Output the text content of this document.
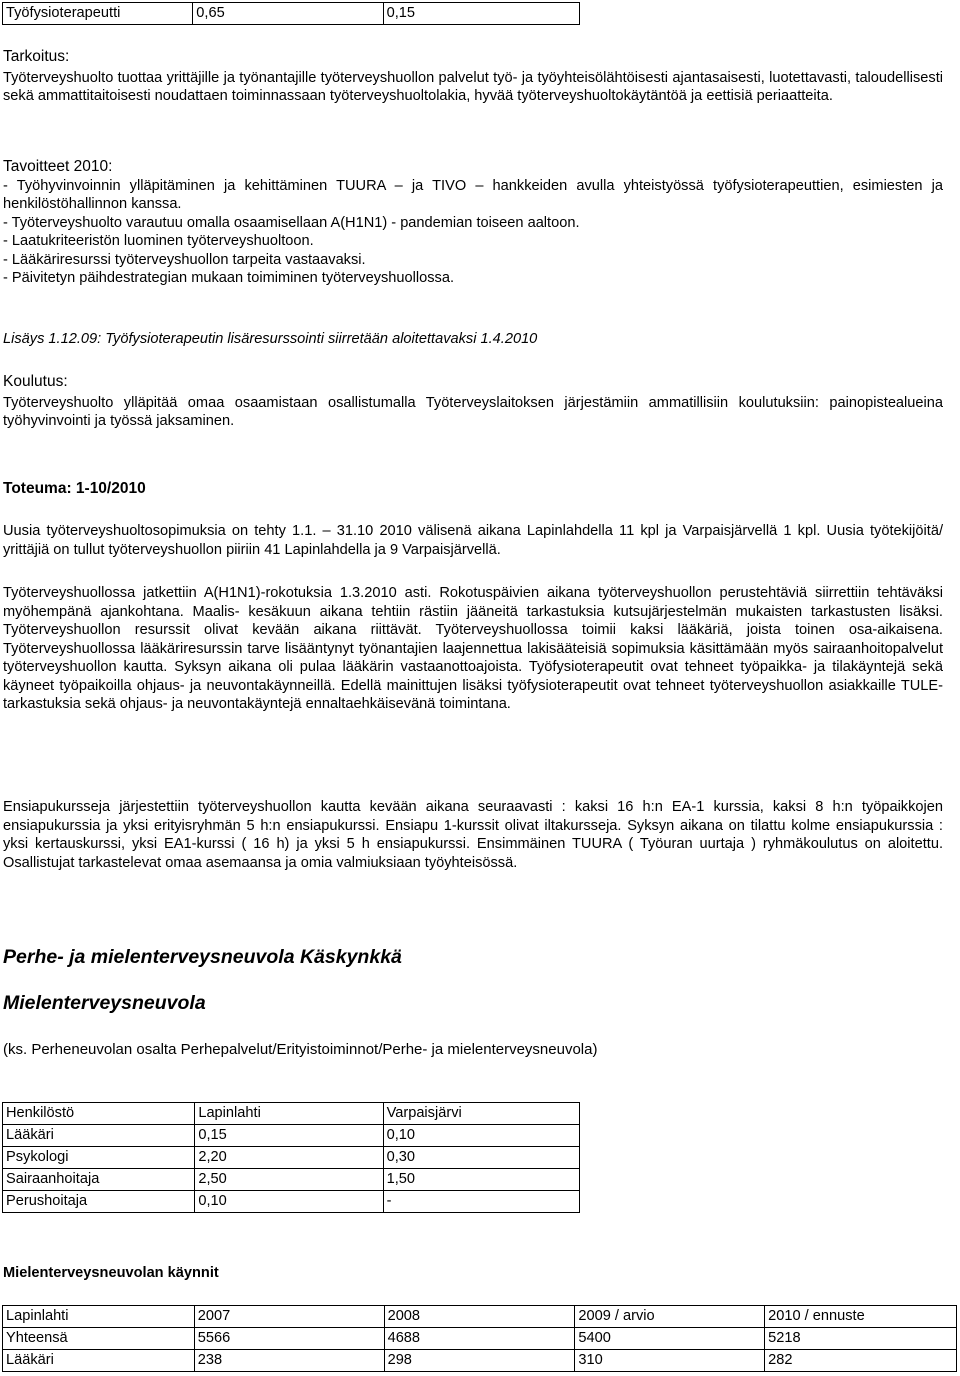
Työfysioterapeutti	0,65	0,15

Tarkoitus:

Työterveyshuolto tuottaa yrittäjille ja työnantajille työterveyshuollon palvelut työ- ja työyhteisölähtöisesti ajantasaisesti, luotettavasti, taloudellisesti sekä ammattitaitoisesti noudattaen toiminnassaan työterveyshuoltolakia, hyvää työterveyshuoltokäytäntöä ja eettisiä periaatteita.

Tavoitteet 2010:

- Työhyvinvoinnin ylläpitäminen ja kehittäminen TUURA – ja TIVO – hankkeiden avulla yhteistyössä työfysioterapeuttien, esimiesten ja henkilöstöhallinnon kanssa.

- Työterveyshuolto varautuu omalla osaamisellaan A(H1N1) - pandemian toiseen aaltoon.

- Laatukriteeristön luominen työterveyshuoltoon.

- Lääkäriresurssi työterveyshuollon tarpeita vastaavaksi.

- Päivitetyn päihdestrategian mukaan toimiminen työterveyshuollossa.

Lisäys 1.12.09: Työfysioterapeutin lisäresurssointi siirretään aloitettavaksi 1.4.2010

Koulutus:

Työterveyshuolto ylläpitää omaa osaamistaan osallistumalla Työterveyslaitoksen järjestämiin ammatillisiin koulutuksiin: painopistealueina työhyvinvointi ja työssä jaksaminen.

Toteuma: 1-10/2010
Uusia työterveyshuoltosopimuksia on tehty 1.1. – 31.10 2010 välisenä aikana Lapinlahdella 11 kpl ja Varpaisjärvellä 1 kpl. Uusia työtekijöitä/ yrittäjiä on tullut työterveyshuollon piiriin 41 Lapinlahdella ja 9 Varpaisjärvellä.
Työterveyshuollossa jatkettiin A(H1N1)-rokotuksia 1.3.2010 asti. Rokotuspäivien aikana työterveyshuollon perustehtäviä siirrettiin tehtäväksi myöhempänä ajankohtana. Maalis- kesäkuun aikana tehtiin rästiin jääneitä tarkastuksia kutsujärjestelmän mukaisten tarkastusten lisäksi. Työterveyshuollon resurssit olivat kevään aikana riittävät. Työterveyshuollossa toimii kaksi lääkäriä, joista toinen osa-aikaisena. Työterveyshuollossa lääkäriresurssin tarve lisääntynyt työnantajien laajennettua lakisääteisiä sopimuksia käsittämään myös sairaanhoitopalvelut työterveyshuollon kautta. Syksyn aikana oli pulaa lääkärin vastaanottoajoista. Työfysioterapeutit ovat tehneet työpaikka- ja tilakäyntejä sekä käyneet työpaikoilla ohjaus- ja neuvontakäynneillä. Edellä mainittujen lisäksi työfysioterapeutit ovat tehneet työterveyshuollon asiakkaille TULE- tarkastuksia sekä ohjaus- ja neuvontakäyntejä ennaltaehkäisevänä toimintana.
Ensiapukursseja järjestettiin työterveyshuollon kautta kevään aikana seuraavasti : kaksi 16 h:n EA-1 kurssia, kaksi 8 h:n työpaikkojen ensiapukurssia ja yksi erityisryhmän 5 h:n ensiapukurssi. Ensiapu 1-kurssit olivat iltakursseja. Syksyn aikana on tilattu kolme ensiapukurssia : yksi kertauskurssi, yksi EA1-kurssi ( 16 h) ja yksi 5 h ensiapukurssi. Ensimmäinen TUURA ( Työuran uurtaja ) ryhmäkoulutus on aloitettu. Osallistujat tarkastelevat omaa asemaansa ja omia valmiuksiaan työyhteisössä.
Perhe- ja mielenterveysneuvola Käskynkkä
Mielenterveysneuvola
(ks. Perheneuvolan osalta Perhepalvelut/Erityistoiminnot/Perhe- ja mielenterveysneuvola)
Henkilöstö	Lapinlahti	Varpaisjärvi
Lääkäri	0,15	0,10
Psykologi	2,20	0,30
Sairaanhoitaja	2,50	1,50
Perushoitaja	0,10	-
Mielenterveysneuvolan käynnit
Lapinlahti	2007	2008	2009 / arvio	2010 / ennuste
Yhteensä	5566	4688	5400	5218
Lääkäri	238	298	310	282
